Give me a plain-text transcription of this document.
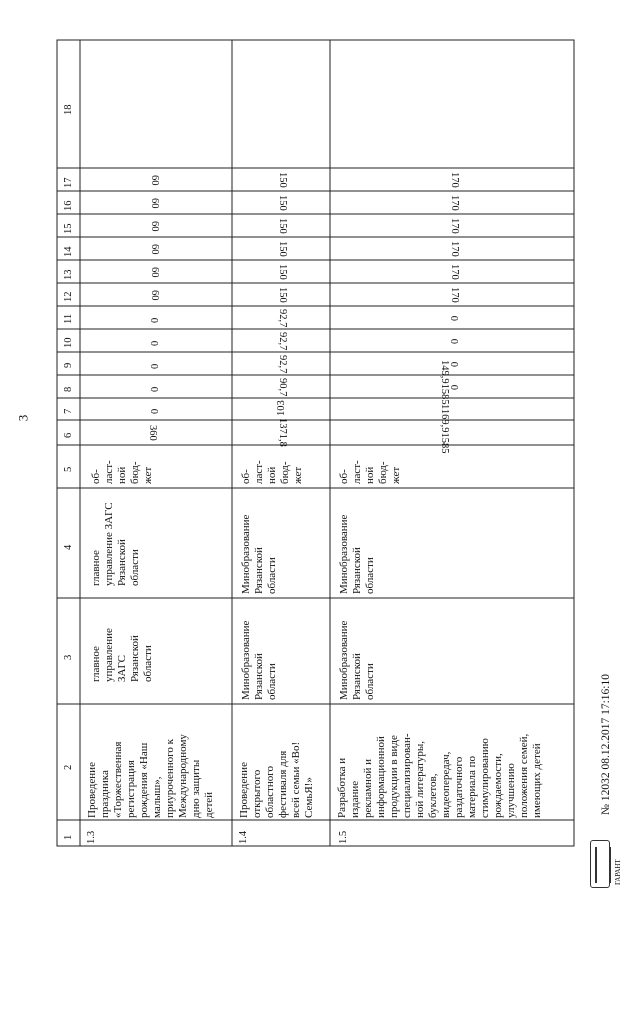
3
1
2
3
4
5
6
7
8
9
10
11
12
13
14
15
16
17
18
1.3
Проведение
праздника
«Торжественная
регистрация
рождения «Наш
малыш»,
приуроченного к
Международному
дню защиты
детей
главное
управление
ЗАГС
Рязанской
области
главное
управление ЗАГС
Рязанской
области
об-
ласт-
ной
бюд-
жет
360
0
0
0
0
0
60
60
60
60
60
60
1.4
Проведение
открытого
областного
фестиваля для
всей семьи «Во!
СемьЯ!»
Минобразование
Рязанской
области
Минобразование
Рязанской
области
об-
ласт-
ной
бюд-
жет
1371,8
103
90,7
92,7
92,7
92,7
150
150
150
150
150
150
1.5
Разработка и
издание
рекламной и
информационной
продукции в виде
специализирован-
ной литературы,
буклетов,
видеопередач,
раздаточного
материала по
стимулированию
рождаемости,
улучшению
положения семей,
имеющих детей
Минобразование
Рязанской
области
Минобразование
Рязанской
области
об-
ласт-
ной
бюд-
жет
1169,91585
149,91585 0
0
0
0
170
170
170
170
170
170
№ 12032 08.12.2017 17:16:10
ГАРАНТ
